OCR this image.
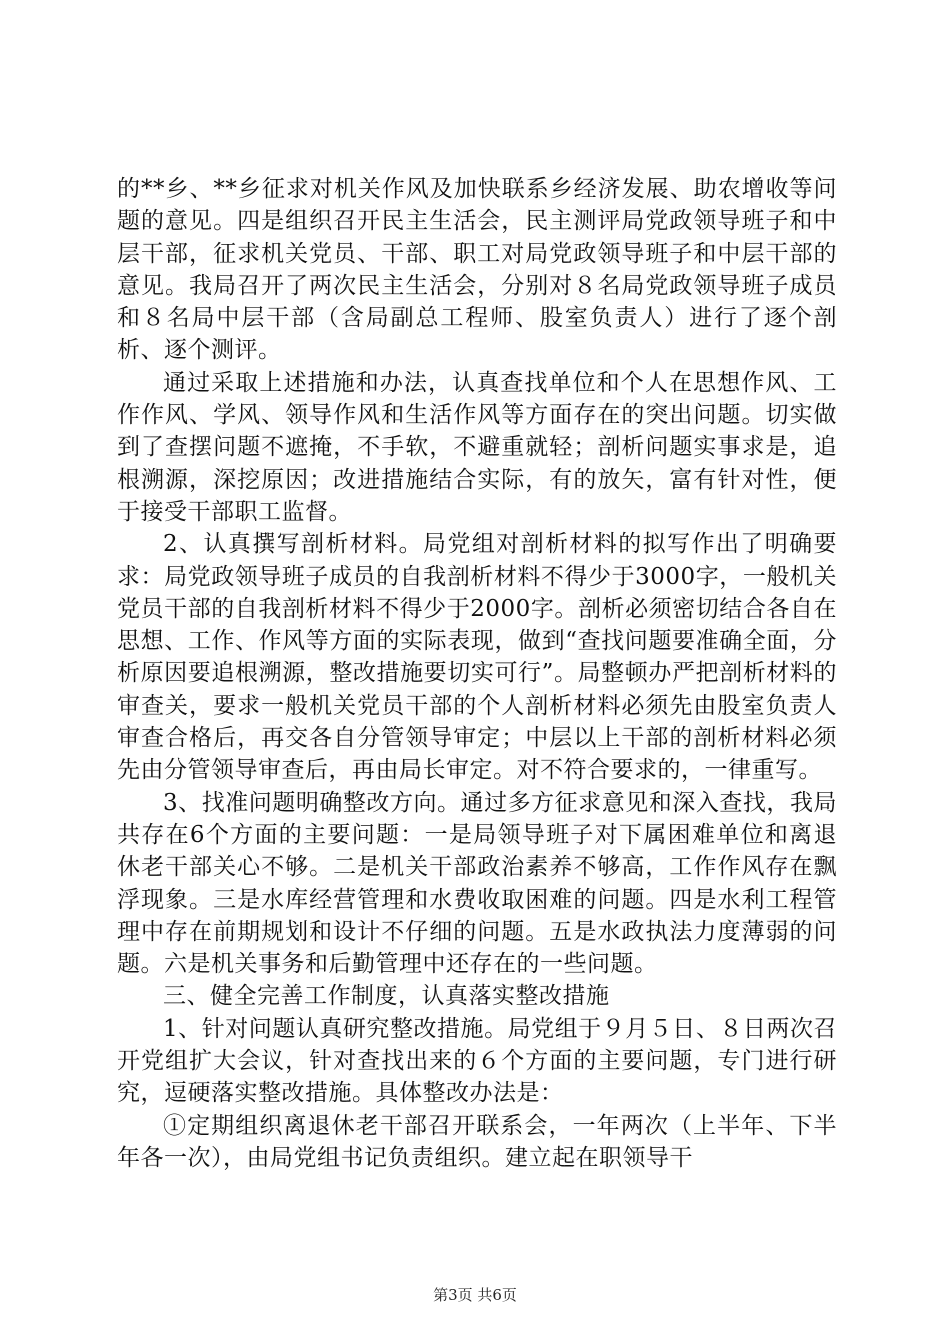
的**乡、**乡征求对机关作风及加快联系乡经济发展、助农增收等问题的意见。四是组织召开民主生活会，民主测评局党政领导班子和中层干部，征求机关党员、干部、职工对局党政领导班子和中层干部的意见。我局召开了两次民主生活会，分别对８名局党政领导班子成员和８名局中层干部（含局副总工程师、股室负责人）进行了逐个剖析、逐个测评。

通过采取上述措施和办法，认真查找单位和个人在思想作风、工作作风、学风、领导作风和生活作风等方面存在的突出问题。切实做到了查摆问题不遮掩，不手软，不避重就轻；剖析问题实事求是，追根溯源，深挖原因；改进措施结合实际，有的放矢，富有针对性，便于接受干部职工监督。

2、认真撰写剖析材料。局党组对剖析材料的拟写作出了明确要求：局党政领导班子成员的自我剖析材料不得少于3000字，一般机关党员干部的自我剖析材料不得少于2000字。剖析必须密切结合各自在思想、工作、作风等方面的实际表现，做到“查找问题要准确全面，分析原因要追根溯源，整改措施要切实可行”。局整顿办严把剖析材料的审查关，要求一般机关党员干部的个人剖析材料必须先由股室负责人审查合格后，再交各自分管领导审定；中层以上干部的剖析材料必须先由分管领导审查后，再由局长审定。对不符合要求的，一律重写。

3、找准问题明确整改方向。通过多方征求意见和深入查找，我局共存在6个方面的主要问题：一是局领导班子对下属困难单位和离退休老干部关心不够。二是机关干部政治素养不够高，工作作风存在飘浮现象。三是水库经营管理和水费收取困难的问题。四是水利工程管理中存在前期规划和设计不仔细的问题。五是水政执法力度薄弱的问题。六是机关事务和后勤管理中还存在的一些问题。

三、健全完善工作制度，认真落实整改措施

1、针对问题认真研究整改措施。局党组于９月５日、８日两次召开党组扩大会议，针对查找出来的６个方面的主要问题，专门进行研究，逗硬落实整改措施。具体整改办法是：

①定期组织离退休老干部召开联系会，一年两次（上半年、下半年各一次），由局党组书记负责组织。建立起在职领导干

第3页 共6页
